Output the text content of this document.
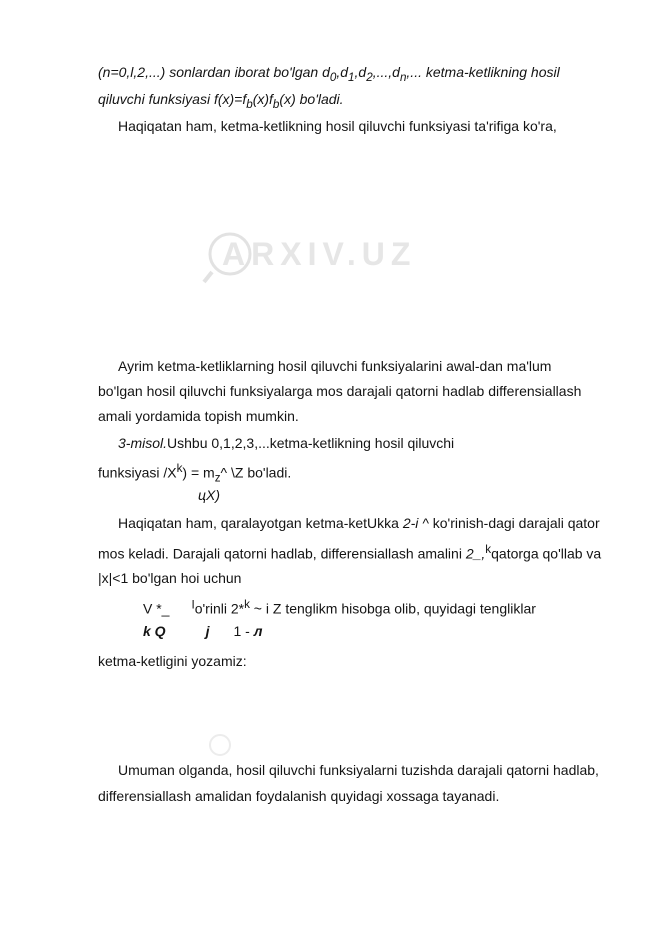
(n=0,l,2,...) sonlardan iborat bo'lgan $d_0,d_1,d_2,...,d_n$,... ketma-ketlikning hosil
qiluvchi funksiyasi $f(x)=f_b(x)f_b(x)$ bo'ladi.
Haqiqatan ham, ketma-ketlikning hosil qiluvchi funksiyasi ta'rifiga ko'ra,
ARXIV.UZ
Ayrim ketma-ketliklarning hosil qiluvchi funksiyalarini awal-dan ma'lum
bo'lgan hosil qiluvchi funksiyalarga mos darajali qatorni hadlab differensiallash
amali yordamida topish mumkin.
3-misol.Ushbu 0,1,2,3,...ketma-ketlikning hosil qiluvchi
funksiyasi $/X^k$) = $m_z\^{}$ \Z bo'ladi.
цX)
Haqiqatan ham, qaralayotgan ketma-ketUkka 2-i ^ ko'rinish-dagi darajali qator
mos keladi. Darajali qatorni hadlab, differensiallash amalini 2_,$^k$qatorga qo'llab va
|x|<1 bo'lgan hoi uchun
V *_ $^I$o'rinli 2*$^k$ ~ i Z tenglikm hisobga olib, quyidagi tengliklar
k Q	j 1 - л
ketma-ketligini yozamiz:
Umuman olganda, hosil qiluvchi funksiyalarni tuzishda darajali qatorni hadlab,
differensiallash amalidan foydalanish quyidagi xossaga tayanadi.
